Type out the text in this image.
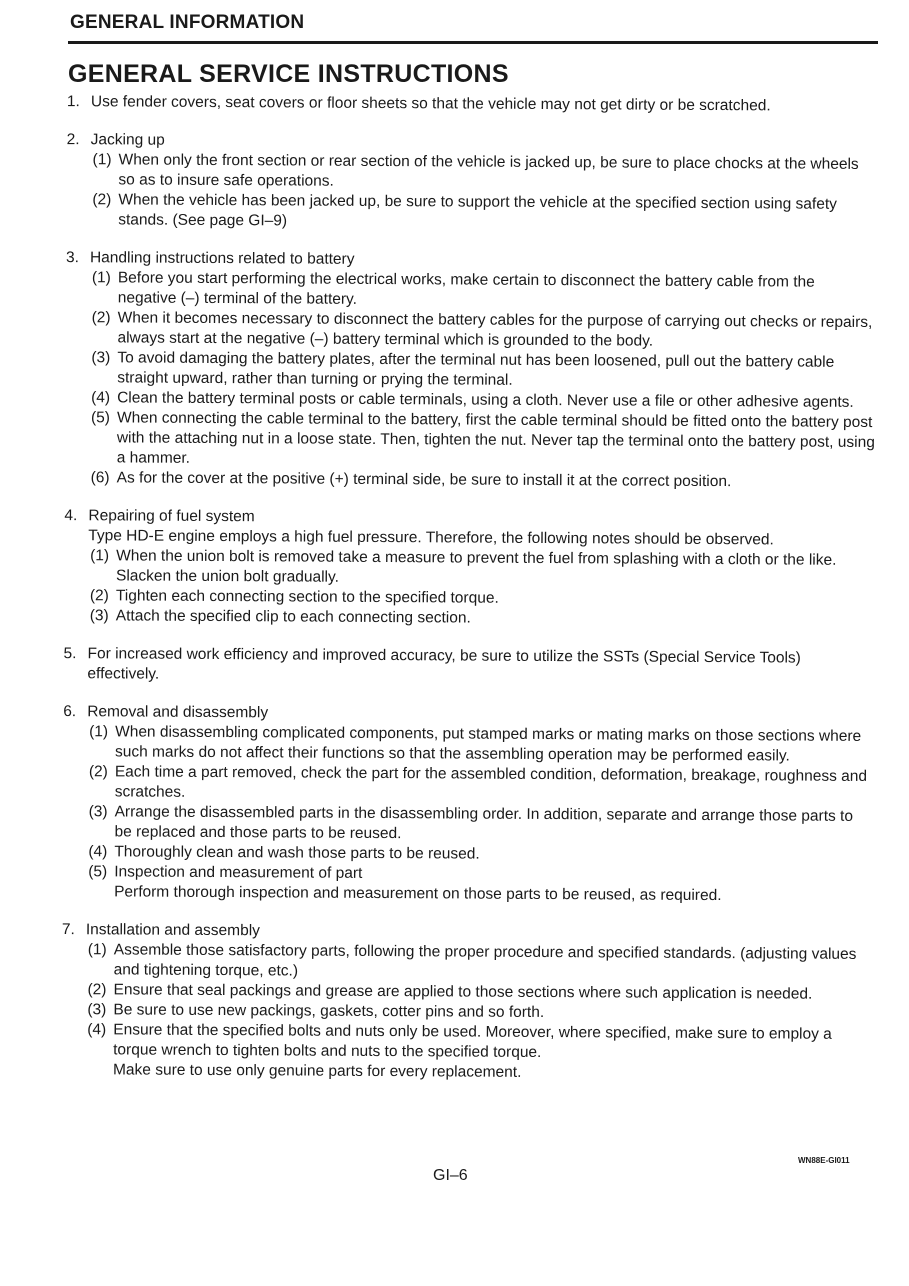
GENERAL INFORMATION
GENERAL SERVICE INSTRUCTIONS
1. Use fender covers, seat covers or floor sheets so that the vehicle may not get dirty or be scratched.
2. Jacking up
(1) When only the front section or rear section of the vehicle is jacked up, be sure to place chocks at the wheels so as to insure safe operations.
(2) When the vehicle has been jacked up, be sure to support the vehicle at the specified section using safety stands. (See page GI–9)
3. Handling instructions related to battery
(1) Before you start performing the electrical works, make certain to disconnect the battery cable from the negative (–) terminal of the battery.
(2) When it becomes necessary to disconnect the battery cables for the purpose of carrying out checks or repairs, always start at the negative (–) battery terminal which is grounded to the body.
(3) To avoid damaging the battery plates, after the terminal nut has been loosened, pull out the battery cable straight upward, rather than turning or prying the terminal.
(4) Clean the battery terminal posts or cable terminals, using a cloth. Never use a file or other adhesive agents.
(5) When connecting the cable terminal to the battery, first the cable terminal should be fitted onto the battery post with the attaching nut in a loose state. Then, tighten the nut. Never tap the terminal onto the battery post, using a hammer.
(6) As for the cover at the positive (+) terminal side, be sure to install it at the correct position.
4. Repairing of fuel system
Type HD-E engine employs a high fuel pressure. Therefore, the following notes should be observed.
(1) When the union bolt is removed take a measure to prevent the fuel from splashing with a cloth or the like. Slacken the union bolt gradually.
(2) Tighten each connecting section to the specified torque.
(3) Attach the specified clip to each connecting section.
5. For increased work efficiency and improved accuracy, be sure to utilize the SSTs (Special Service Tools) effectively.
6. Removal and disassembly
(1) When disassembling complicated components, put stamped marks or mating marks on those sections where such marks do not affect their functions so that the assembling operation may be performed easily.
(2) Each time a part removed, check the part for the assembled condition, deformation, breakage, roughness and scratches.
(3) Arrange the disassembled parts in the disassembling order. In addition, separate and arrange those parts to be replaced and those parts to be reused.
(4) Thoroughly clean and wash those parts to be reused.
(5) Inspection and measurement of part
Perform thorough inspection and measurement on those parts to be reused, as required.
7. Installation and assembly
(1) Assemble those satisfactory parts, following the proper procedure and specified standards. (adjusting values and tightening torque, etc.)
(2) Ensure that seal packings and grease are applied to those sections where such application is needed.
(3) Be sure to use new packings, gaskets, cotter pins and so forth.
(4) Ensure that the specified bolts and nuts only be used. Moreover, where specified, make sure to employ a torque wrench to tighten bolts and nuts to the specified torque.
Make sure to use only genuine parts for every replacement.
WN88E-GI011
GI–6
